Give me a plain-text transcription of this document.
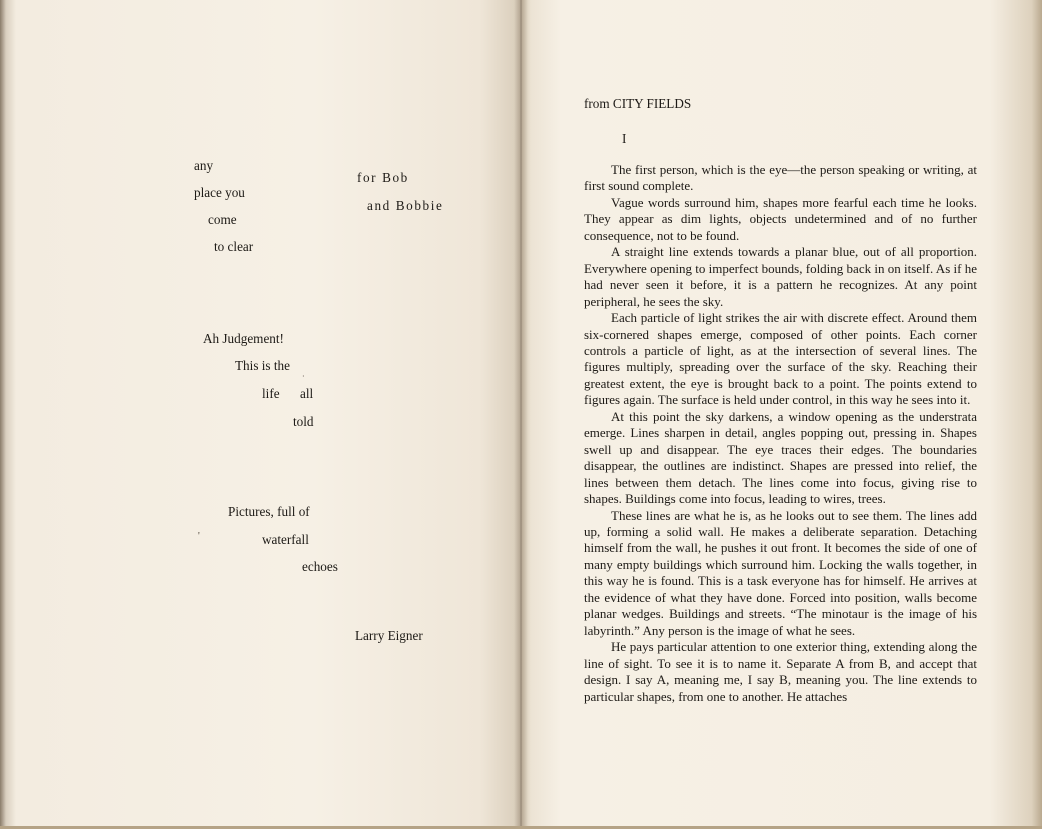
any
place you
come
to clear
for Bob
and Bobbie
Ah Judgement!
This is the
life all
told
Pictures, full of
waterfall
echoes
Larry Eigner
·
'
from CITY FIELDS
I

The first person, which is the eye—the person speaking or writing, at first sound complete.

Vague words surround him, shapes more fearful each time he looks. They appear as dim lights, objects undetermined and of no further consequence, not to be found.

A straight line extends towards a planar blue, out of all proportion. Everywhere opening to imperfect bounds, folding back in on itself. As if he had never seen it before, it is a pattern he recognizes. At any point peripheral, he sees the sky.

Each particle of light strikes the air with discrete effect. Around them six-cornered shapes emerge, composed of other points. Each corner controls a particle of light, as at the intersection of several lines. The figures multiply, spreading over the surface of the sky. Reaching their greatest extent, the eye is brought back to a point. The points extend to figures again. The surface is held under control, in this way he sees into it.

At this point the sky darkens, a window opening as the understrata emerge. Lines sharpen in detail, angles popping out, pressing in. Shapes swell up and disappear. The eye traces their edges. The boundaries disappear, the outlines are indistinct. Shapes are pressed into relief, the lines between them detach. The lines come into focus, giving rise to shapes. Buildings come into focus, leading to wires, trees.

These lines are what he is, as he looks out to see them. The lines add up, forming a solid wall. He makes a deliberate separation. Detaching himself from the wall, he pushes it out front. It becomes the side of one of many empty buildings which surround him. Locking the walls together, in this way he is found. This is a task everyone has for himself. He arrives at the evidence of what they have done. Forced into position, walls become planar wedges. Buildings and streets. “The minotaur is the image of his labyrinth.” Any person is the image of what he sees.

He pays particular attention to one exterior thing, extending along the line of sight. To see it is to name it. Separate A from B, and accept that design. I say A, meaning me, I say B, meaning you. The line extends to particular shapes, from one to another. He attaches
